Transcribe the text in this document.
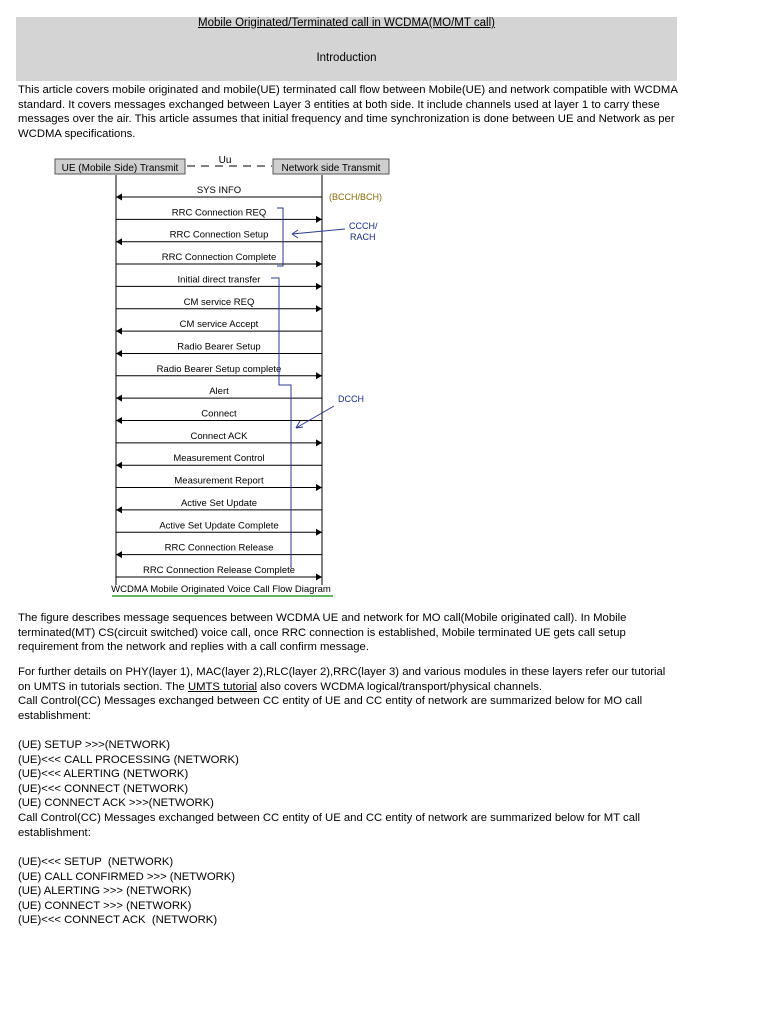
Mobile Originated/Terminated call in WCDMA(MO/MT call)
Introduction

This article covers mobile originated and mobile(UE) terminated call flow between Mobile(UE) and network compatible with WCDMA standard. It covers messages exchanged between Layer 3 entities at both side. It include channels used at layer 1 to carry these messages over the air. This article assumes that initial frequency and time synchronization is done between UE and Network as per WCDMA specifications.

UE (Mobile Side) Transmit	Network side Transmit
Uu
SYS INFO
RRC Connection REQ
RRC Connection Setup
RRC Connection Complete
Initial direct transfer
CM service REQ
CM service Accept
Radio Bearer Setup
Radio Bearer Setup complete
Alert
Connect
Connect ACK
Measurement Control
Measurement Report
Active Set Update
Active Set Update Complete
RRC Connection Release
RRC Connection Release Complete
(BCCH/BCH)
CCCH/
RACH
DCCH
WCDMA Mobile Originated Voice Call Flow Diagram

The figure describes message sequences between WCDMA UE and network for MO call(Mobile originated call). In Mobile terminated(MT) CS(circuit switched) voice call, once RRC connection is established, Mobile terminated UE gets call setup requirement from the network and replies with a call confirm message.

For further details on PHY(layer 1), MAC(layer 2),RLC(layer 2),RRC(layer 3) and various modules in these layers refer our tutorial on UMTS in tutorials section. The UMTS tutorial also covers WCDMA logical/transport/physical channels.

Call Control(CC) Messages exchanged between CC entity of UE and CC entity of network are summarized below for MO call establishment:

(UE) SETUP >>>(NETWORK)
(UE)<<< CALL PROCESSING (NETWORK)
(UE)<<< ALERTING (NETWORK)
(UE)<<< CONNECT (NETWORK)
(UE) CONNECT ACK >>>(NETWORK)

Call Control(CC) Messages exchanged between CC entity of UE and CC entity of network are summarized below for MT call establishment:

(UE)<<< SETUP  (NETWORK)
(UE) CALL CONFIRMED >>> (NETWORK)
(UE) ALERTING >>> (NETWORK)
(UE) CONNECT >>> (NETWORK)
(UE)<<< CONNECT ACK  (NETWORK)
